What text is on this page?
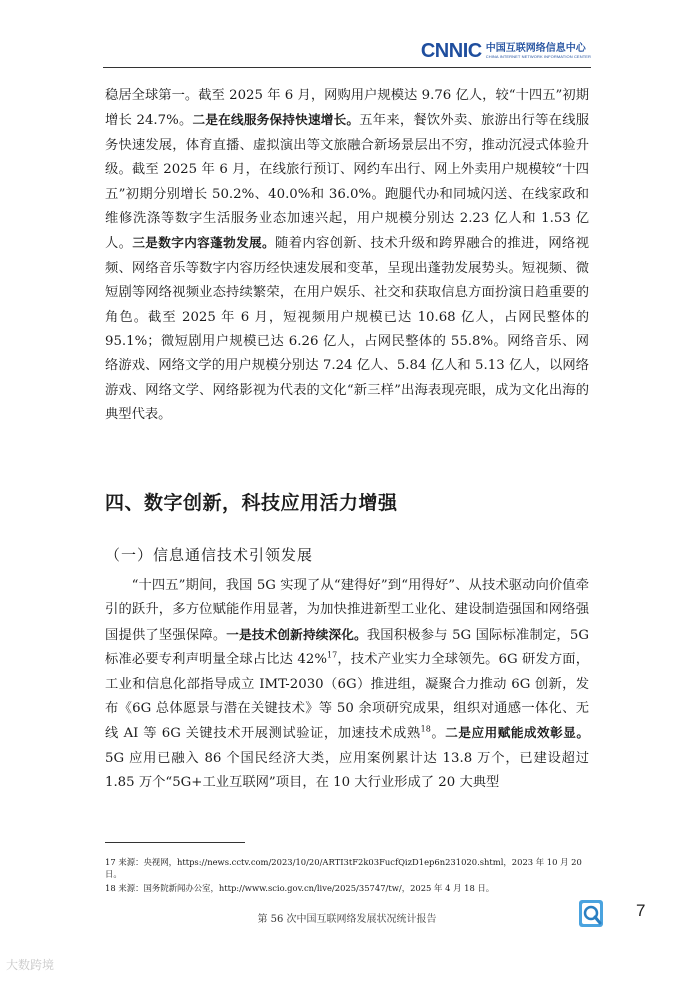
CNNIC 中国互联网络信息中心
CHINA INTERNET NETWORK INFORMATION CENTER

稳居全球第一。截至 2025 年 6 月，网购用户规模达 9.76 亿人，较“十四五”初期增长 24.7%。二是在线服务保持快速增长。五年来，餐饮外卖、旅游出行等在线服务快速发展，体育直播、虚拟演出等文旅融合新场景层出不穷，推动沉浸式体验升级。截至 2025 年 6 月，在线旅行预订、网约车出行、网上外卖用户规模较“十四五”初期分别增长 50.2%、40.0%和 36.0%。跑腿代办和同城闪送、在线家政和维修洗涤等数字生活服务业态加速兴起，用户规模分别达 2.23 亿人和 1.53 亿人。三是数字内容蓬勃发展。随着内容创新、技术升级和跨界融合的推进，网络视频、网络音乐等数字内容历经快速发展和变革，呈现出蓬勃发展势头。短视频、微短剧等网络视频业态持续繁荣，在用户娱乐、社交和获取信息方面扮演日趋重要的角色。截至 2025 年 6 月，短视频用户规模已达 10.68 亿人，占网民整体的 95.1%；微短剧用户规模已达 6.26 亿人，占网民整体的 55.8%。网络音乐、网络游戏、网络文学的用户规模分别达 7.24 亿人、5.84 亿人和 5.13 亿人，以网络游戏、网络文学、网络影视为代表的文化“新三样”出海表现亮眼，成为文化出海的典型代表。

四、数字创新，科技应用活力增强
（一）信息通信技术引领发展

“十四五”期间，我国 5G 实现了从“建得好”到“用得好”、从技术驱动向价值牵引的跃升，多方位赋能作用显著，为加快推进新型工业化、建设制造强国和网络强国提供了坚强保障。一是技术创新持续深化。我国积极参与 5G 国际标准制定，5G 标准必要专利声明量全球占比达 42%$^{17}$，技术产业实力全球领先。6G 研发方面，工业和信息化部指导成立 IMT-2030（6G）推进组，凝聚合力推动 6G 创新，发布《6G 总体愿景与潜在关键技术》等 50 余项研究成果，组织对通感一体化、无线 AI 等 6G 关键技术开展测试验证，加速技术成熟$^{18}$。二是应用赋能成效彰显。5G 应用已融入 86 个国民经济大类，应用案例累计达 13.8 万个，已建设超过 1.85 万个“5G+工业互联网”项目，在 10 大行业形成了 20 大典型

17 来源：央视网，https://news.cctv.com/2023/10/20/ARTI3tF2k03FucfQizD1ep6n231020.shtml，2023 年 10 月 20 日。

18 来源：国务院新闻办公室，http://www.scio.gov.cn/live/2025/35747/tw/，2025 年 4 月 18 日。

第 56 次中国互联网络发展状况统计报告	7
大数跨境
